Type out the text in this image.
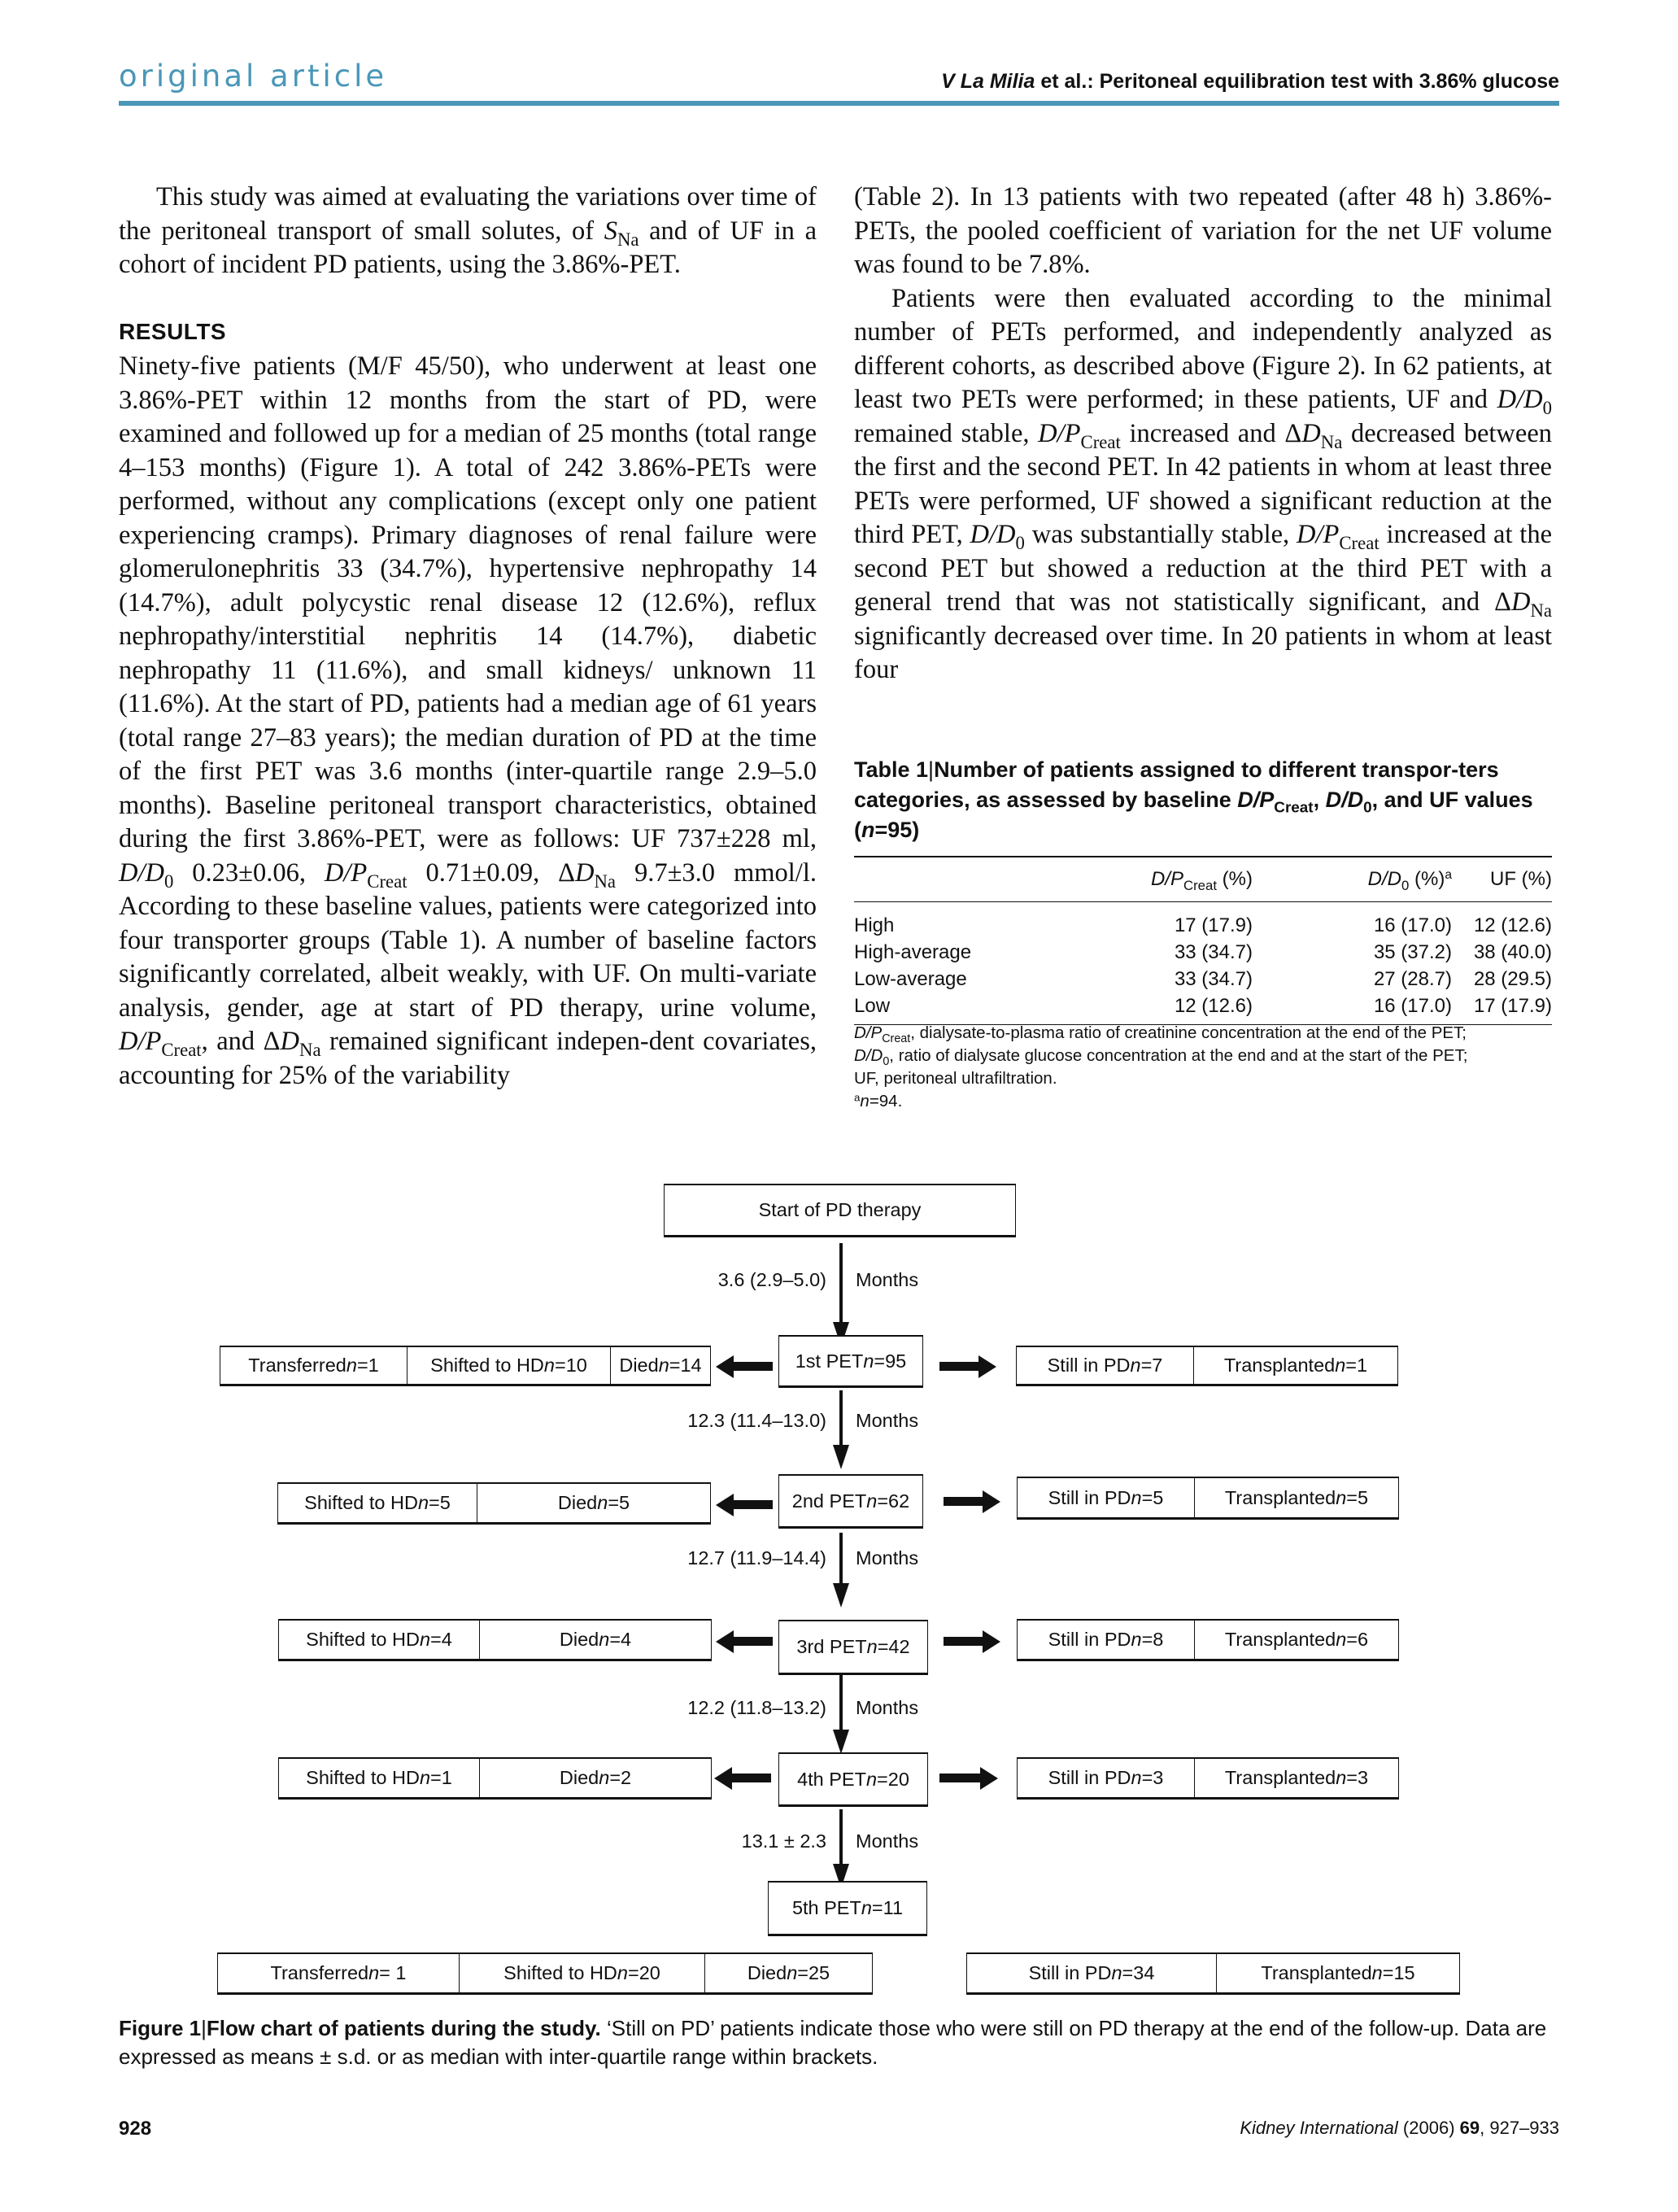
original article	V La Milia et al.: Peritoneal equilibration test with 3.86% glucose

This study was aimed at evaluating the variations over time of the peritoneal transport of small solutes, of $S_{Na}$ and of UF in a cohort of incident PD patients, using the 3.86%-PET.

RESULTS

Ninety-five patients (M/F 45/50), who underwent at least one 3.86%-PET within 12 months from the start of PD, were examined and followed up for a median of 25 months (total range 4–153 months) (Figure 1). A total of 242 3.86%-PETs were performed, without any complications (except only one patient experiencing cramps). Primary diagnoses of renal failure were glomerulonephritis 33 (34.7%), hypertensive nephropathy 14 (14.7%), adult polycystic renal disease 12 (12.6%), reflux nephropathy/interstitial nephritis 14 (14.7%), diabetic nephropathy 11 (11.6%), and small kidneys/ unknown 11 (11.6%). At the start of PD, patients had a median age of 61 years (total range 27–83 years); the median duration of PD at the time of the first PET was 3.6 months (inter-quartile range 2.9–5.0 months). Baseline peritoneal transport characteristics, obtained during the first 3.86%-PET, were as follows: UF 737±228 ml, $D/D_0$ 0.23±0.06, $D/P_{Creat}$ 0.71±0.09, $\Delta D_{Na}$ 9.7±3.0 mmol/l. According to these baseline values, patients were categorized into four transporter groups (Table 1). A number of baseline factors significantly correlated, albeit weakly, with UF. On multi-variate analysis, gender, age at start of PD therapy, urine volume, $D/P_{Creat}$, and $\Delta D_{Na}$ remained significant indepen-dent covariates, accounting for 25% of the variability

(Table 2). In 13 patients with two repeated (after 48 h) 3.86%-PETs, the pooled coefficient of variation for the net UF volume was found to be 7.8%.

Patients were then evaluated according to the minimal number of PETs performed, and independently analyzed as different cohorts, as described above (Figure 2). In 62 patients, at least two PETs were performed; in these patients, UF and $D/D_0$ remained stable, $D/P_{Creat}$ increased and $\Delta D_{Na}$ decreased between the first and the second PET. In 42 patients in whom at least three PETs were performed, UF showed a significant reduction at the third PET, $D/D_0$ was substantially stable, $D/P_{Creat}$ increased at the second PET but showed a reduction at the third PET with a general trend that was not statistically significant, and $\Delta D_{Na}$ significantly decreased over time. In 20 patients in whom at least four

Table 1|Number of patients assigned to different transpor-ters categories, as assessed by baseline $D/P_{Creat}$, $D/D_0$, and UF values (n=95)
	$D/P_{Creat}$ (%)	$D/D_0$ (%)$^a$	UF (%)
High	17 (17.9)	16 (17.0)	12 (12.6)
High-average	33 (34.7)	35 (37.2)	38 (40.0)
Low-average	33 (34.7)	27 (28.7)	28 (29.5)
Low	12 (12.6)	16 (17.0)	17 (17.9)
$D/P_{Creat}$, dialysate-to-plasma ratio of creatinine concentration at the end of the PET;
$D/D_0$, ratio of dialysate glucose concentration at the end and at the start of the PET;
UF, peritoneal ultrafiltration.
$^a$n=94.
Start of PD therapy
3.6 (2.9–5.0) Months
Transferred n =1	Shifted to HD n =10 Died n =14	1st PET n =95	Still in PD n =7	Transplanted n =1
12.3 (11.4–13.0) Months
Shifted to HD n =5	Died n =5	2nd PET n =62	Still in PD n =5	Transplanted n =5
12.7 (11.9–14.4) Months
Shifted to HD n =4	Died n =4	3rd PET n =42	Still in PD n =8	Transplanted n =6
12.2 (11.8–13.2) Months
Shifted to HD n =1	Died n =2	4th PET n =20	Still in PD n =3	Transplanted n =3
13.1 ± 2.3 Months
5th PET n =11
Transferred n = 1	Shifted to HD n =20	Died n =25	Still in PD n =34	Transplanted n =15
Figure 1|Flow chart of patients during the study. ‘Still on PD’ patients indicate those who were still on PD therapy at the end of the follow-up. Data are expressed as means ± s.d. or as median with inter-quartile range within brackets.
928	Kidney International (2006) 69, 927–933
